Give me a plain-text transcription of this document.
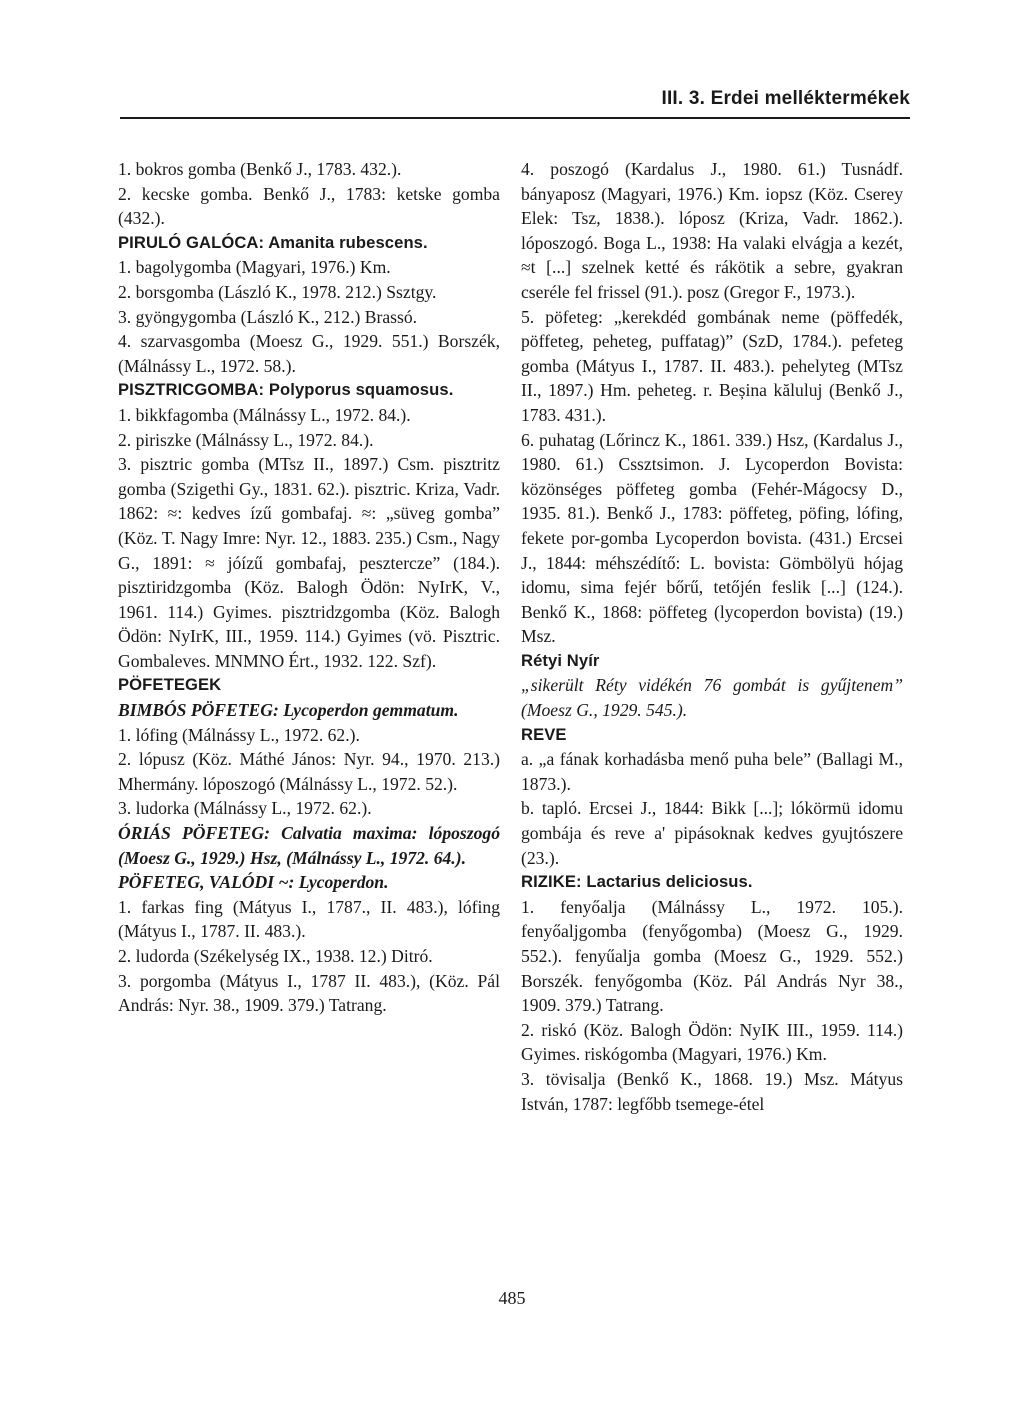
III. 3. Erdei melléktermékek

1. bokros gomba (Benkő J., 1783. 432.).

2. kecske gomba. Benkő J., 1783: ketske gomba (432.).

PIRULÓ GALÓCA: Amanita rubescens.

1. bagolygomba (Magyari, 1976.) Km.

2. borsgomba (László K., 1978. 212.) Ssztgy.

3. gyöngygomba (László K., 212.) Brassó.

4. szarvasgomba (Moesz G., 1929. 551.) Borszék, (Málnássy L., 1972. 58.).

PISZTRICGOMBA: Polyporus squamosus.

1. bikkfagomba (Málnássy L., 1972. 84.).

2. piriszke (Málnássy L., 1972. 84.).

3. pisztric gomba (MTsz II., 1897.) Csm. pisztritz gomba (Szigethi Gy., 1831. 62.). pisztric. Kriza, Vadr. 1862: ≈: kedves ízű gombafaj. ≈: „süveg gomba” (Köz. T. Nagy Imre: Nyr. 12., 1883. 235.) Csm., Nagy G., 1891: ≈ jóízű gombafaj, peszterczе” (184.). pisztiridzgomba (Köz. Balogh Ödön: NyIrK, V., 1961. 114.) Gyimes. pisztridzgomba (Köz. Balogh Ödön: NyIrK, III., 1959. 114.) Gyimes (vö. Pisztric. Gombaleves. MNMNO Ért., 1932. 122. Szf).

PÖFETEGEK

BIMBÓS PÖFETEG: Lycoperdon gemmatum.

1. lófing (Málnássy L., 1972. 62.).

2. lópusz (Köz. Máthé János: Nyr. 94., 1970. 213.) Mhermány. lóposzogó (Málnássy L., 1972. 52.).

3. ludorka (Málnássy L., 1972. 62.).

ÓRIÁS PÖFETEG: Calvatia maxima: lóposzogó (Moesz G., 1929.) Hsz, (Málnássy L., 1972. 64.).

PÖFETEG, VALÓDI ~: Lycoperdon.

1. farkas fing (Mátyus I., 1787., II. 483.), lófing (Mátyus I., 1787. II. 483.).

2. ludorda (Székelység IX., 1938. 12.) Ditró.

3. porgomba (Mátyus I., 1787 II. 483.), (Köz. Pál András: Nyr. 38., 1909. 379.) Tatrang.

4. poszogó (Kardalus J., 1980. 61.) Tusnádf. bányaposz (Magyari, 1976.) Km. iopsz (Köz. Cserey Elek: Tsz, 1838.). lóposz (Kriza, Vadr. 1862.). lóposzogó. Boga L., 1938: Ha valaki elvágja a kezét, ≈t [...] szelnek ketté és rákötik a sebre, gyakran cseréle fel frissel (91.). posz (Gregor F., 1973.).

5. pöfeteg: „kerekdéd gombának neme (pöffedék, pöffeteg, peheteg, puffatag)” (SzD, 1784.). pefeteg gomba (Mátyus I., 1787. II. 483.). pehelyteg (MTsz II., 1897.) Hm. peheteg. r. Beșina kăluluj (Benkő J., 1783. 431.).

6. puhatag (Lőrincz K., 1861. 339.) Hsz, (Kardalus J., 1980. 61.) Cssztsimon. J. Lycoperdon Bovista: közönséges pöffeteg gomba (Fehér-Mágocsy D., 1935. 81.). Benkő J., 1783: pöffeteg, pöfing, lófing, fekete por-gomba Lycoperdon bovista. (431.) Ercsei J., 1844: méhszédítő: L. bovista: Gömbölyü hójag idomu, sima fejér bőrű, tetőjén feslik [...] (124.). Benkő K., 1868: pöffeteg (lycoperdon bovista) (19.) Msz.

Rétyi Nyír

„sikerült Réty vidékén 76 gombát is gyűjtenem” (Moesz G., 1929. 545.).

REVE

a. „a fának korhadásba menő puha bele” (Ballagi M., 1873.).

b. tapló. Ercsei J., 1844: Bikk [...]; lókörmü idomu gombája és reve a' pipásoknak kedves gyujtószere (23.).

RIZIKE: Lactarius deliciosus.

1. fenyőalja (Málnássy L., 1972. 105.). fenyőaljgomba (fenyőgomba) (Moesz G., 1929. 552.). fenyűalja gomba (Moesz G., 1929. 552.) Borszék. fenyőgomba (Köz. Pál András Nyr 38., 1909. 379.) Tatrang.

2. riskó (Köz. Balogh Ödön: NyIK III., 1959. 114.) Gyimes. riskógomba (Magyari, 1976.) Km.

3. tövisalja (Benkő K., 1868. 19.) Msz. Mátyus István, 1787: legfőbb tsemege-étel

485
